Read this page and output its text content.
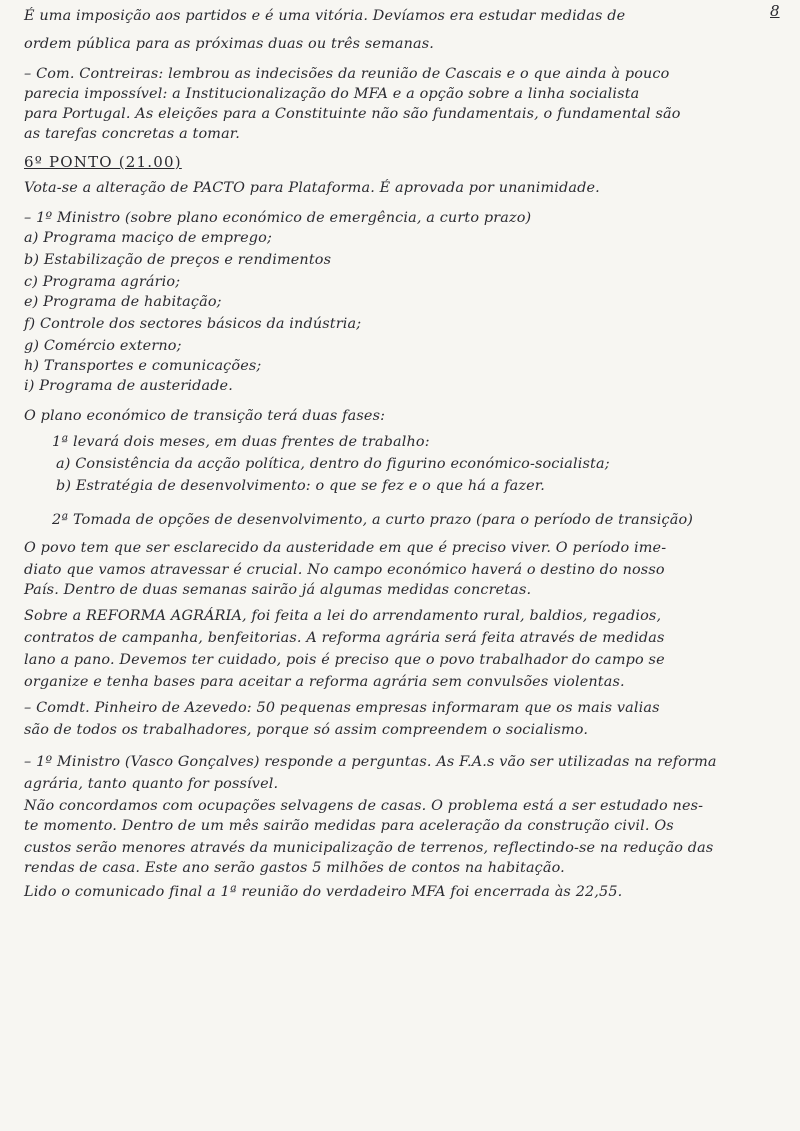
8
É uma imposição aos partidos e é uma vitória. Devíamos era estudar medidas de
ordem pública para as próximas duas ou três semanas.
– Com. Contreiras: lembrou as indecisões da reunião de Cascais e o que ainda à pouco
parecia impossível: a Institucionalização do MFA e a opção sobre a linha socialista
para Portugal. As eleições para a Constituinte não são fundamentais, o fundamental são
as tarefas concretas a tomar.
6º PONTO (21.00)
Vota-se a alteração de PACTO para Plataforma. É aprovada por unanimidade.
– 1º Ministro (sobre plano económico de emergência, a curto prazo)
a) Programa maciço de emprego;
b) Estabilização de preços e rendimentos
c) Programa agrário;
e) Programa de habitação;
f) Controle dos sectores básicos da indústria;
g) Comércio externo;
h) Transportes e comunicações;
i) Programa de austeridade.
O plano económico de transição terá duas fases:
1ª levará dois meses, em duas frentes de trabalho:
a) Consistência da acção política, dentro do figurino económico-socialista;
b) Estratégia de desenvolvimento: o que se fez e o que há a fazer.
2ª Tomada de opções de desenvolvimento, a curto prazo (para o período de transição)
O povo tem que ser esclarecido da austeridade em que é preciso viver. O período ime-
diato que vamos atravessar é crucial. No campo económico haverá o destino do nosso
País. Dentro de duas semanas sairão já algumas medidas concretas.
Sobre a REFORMA AGRÁRIA, foi feita a lei do arrendamento rural, baldios, regadios,
contratos de campanha, benfeitorias. A reforma agrária será feita através de medidas
lano a pano. Devemos ter cuidado, pois é preciso que o povo trabalhador do campo se
organize e tenha bases para aceitar a reforma agrária sem convulsões violentas.
– Comdt. Pinheiro de Azevedo: 50 pequenas empresas informaram que os mais valias
são de todos os trabalhadores, porque só assim compreendem o socialismo.
– 1º Ministro (Vasco Gonçalves) responde a perguntas. As F.A.s vão ser utilizadas na reforma
agrária, tanto quanto for possível.
Não concordamos com ocupações selvagens de casas. O problema está a ser estudado nes-
te momento. Dentro de um mês sairão medidas para aceleração da construção civil. Os
custos serão menores através da municipalização de terrenos, reflectindo-se na redução das
rendas de casa. Este ano serão gastos 5 milhões de contos na habitação.
Lido o comunicado final a 1ª reunião do verdadeiro MFA foi encerrada às 22,55.
